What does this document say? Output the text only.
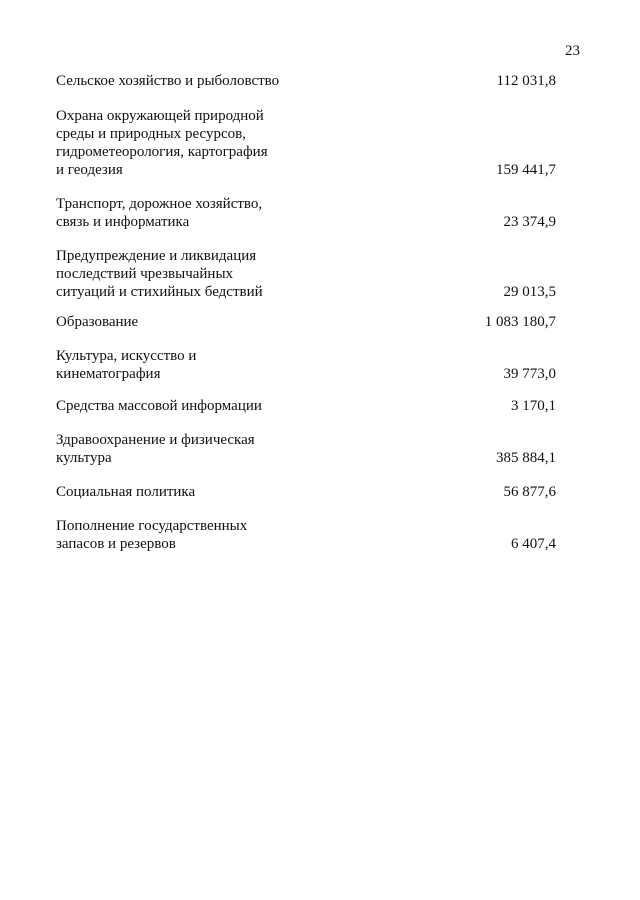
23
Сельское хозяйство и рыболовство	112 031,8
Охрана окружающей природной
среды и природных ресурсов,
гидрометеорология, картография
и геодезия	159 441,7
Транспорт, дорожное хозяйство,
связь и информатика	23 374,9
Предупреждение и ликвидация
последствий чрезвычайных
ситуаций и стихийных бедствий	29 013,5
Образование	1 083 180,7
Культура, искусство и
кинематография	39 773,0
Средства массовой информации	3 170,1
Здравоохранение и физическая
культура	385 884,1
Социальная политика	56 877,6
Пополнение государственных
запасов и резервов	6 407,4
